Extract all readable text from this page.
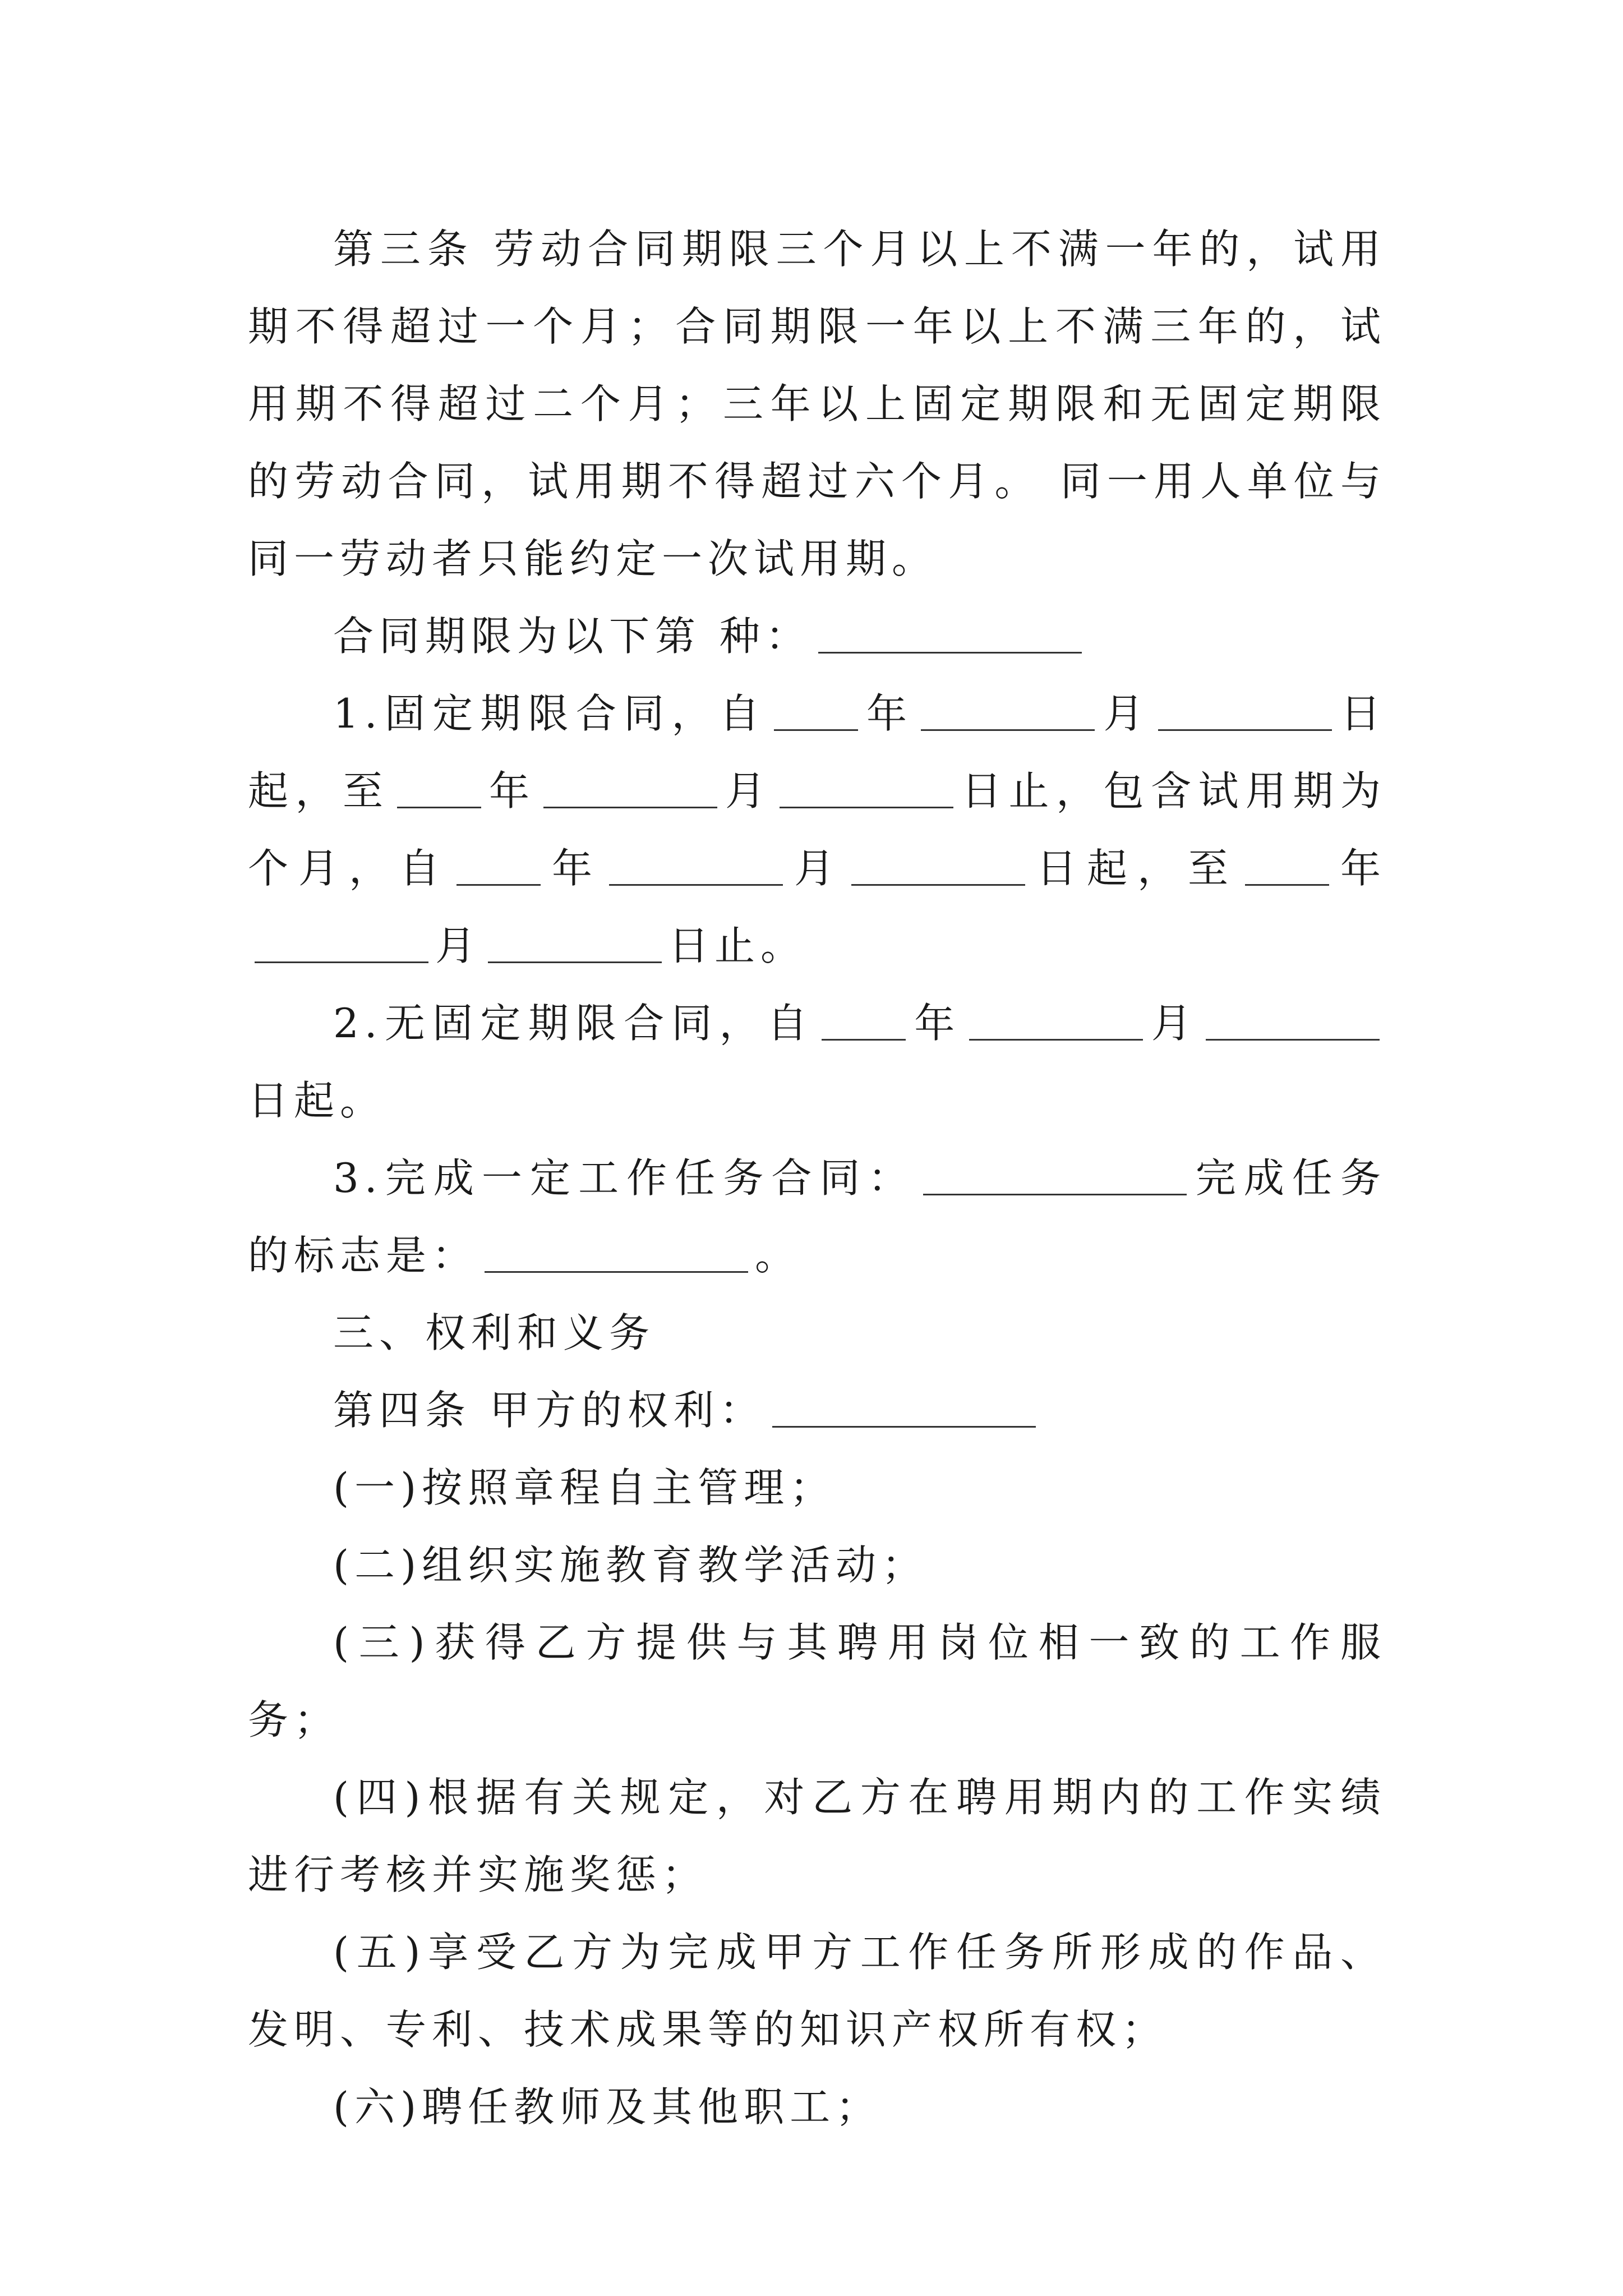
第三条 劳动合同期限三个月以上不满一年的，试用期不得超过一个月；合同期限一年以上不满三年的，试用期不得超过二个月；三年以上固定期限和无固定期限的劳动合同，试用期不得超过六个月。 同一用人单位与同一劳动者只能约定一次试用期。

合同期限为以下第 种：

1.固定期限合同，自 年	月	日起，至 年	月	日止，包含试用期为个月，自 年	月	日起，至 年月	日止。

2.无固定期限合同，自 年	月日起。

3.完成一定工作任务合同：	完成任务的标志是：	。

三、权利和义务

第四条 甲方的权利：

(一)按照章程自主管理；

(二)组织实施教育教学活动；

(三)获得乙方提供与其聘用岗位相一致的工作服务；

(四)根据有关规定，对乙方在聘用期内的工作实绩进行考核并实施奖惩；

(五)享受乙方为完成甲方工作任务所形成的作品、发明、专利、技术成果等的知识产权所有权；

(六)聘任教师及其他职工；
